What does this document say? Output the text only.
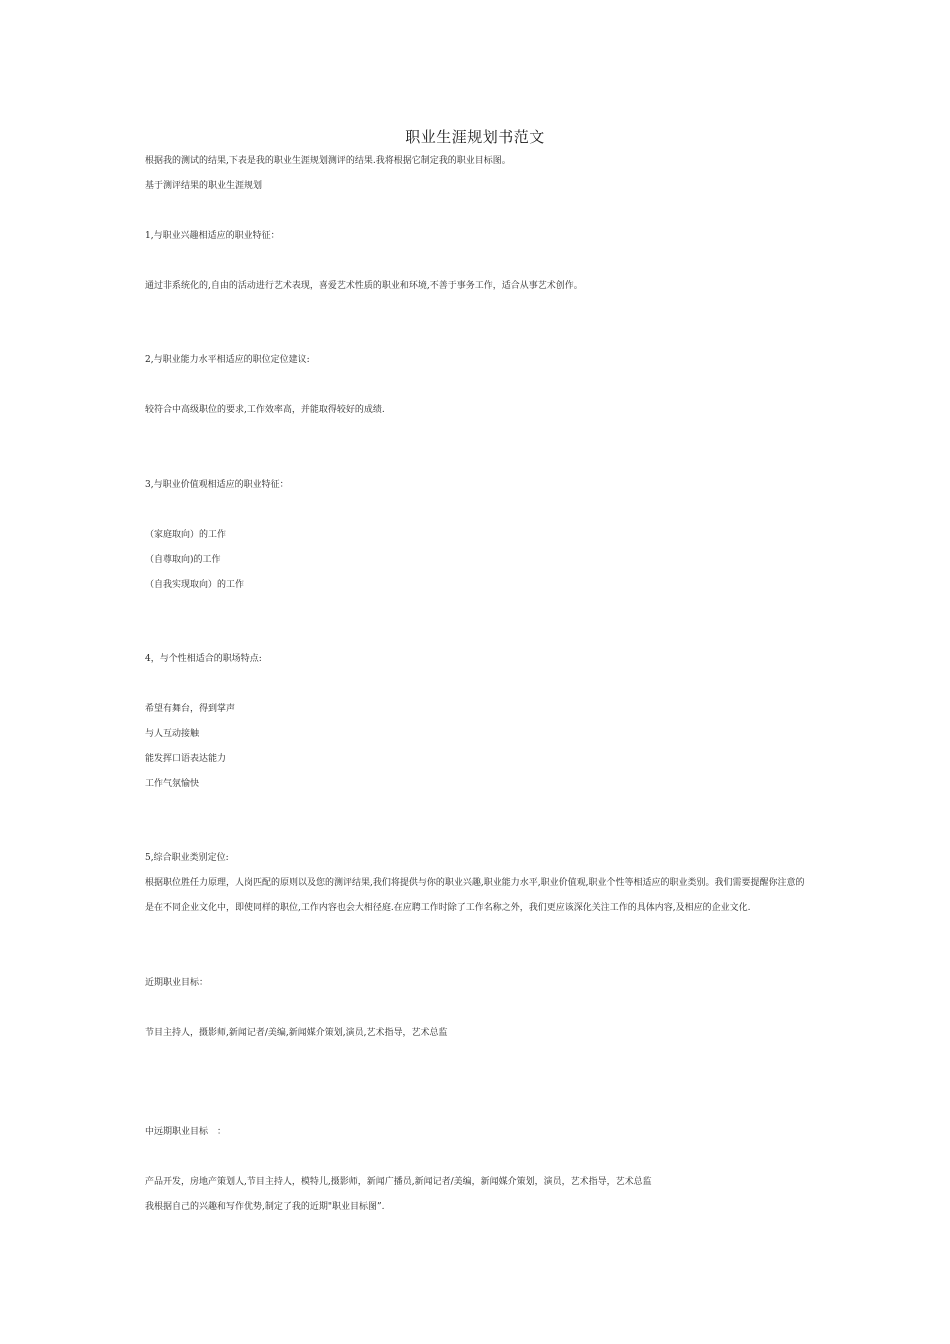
职业生涯规划书范文
根据我的测试的结果,下表是我的职业生涯规划测评的结果.我将根据它制定我的职业目标图。
基于测评结果的职业生涯规划
1,与职业兴趣相适应的职业特征：
通过非系统化的,自由的活动进行艺术表现，喜爱艺术性质的职业和环境,不善于事务工作，适合从事艺术创作。
2,与职业能力水平相适应的职位定位建议:
较符合中高级职位的要求,工作效率高，并能取得较好的成绩.
3,与职业价值观相适应的职业特征：
（家庭取向）的工作
（自尊取向)的工作
（自我实现取向）的工作
4，与个性相适合的职场特点:
希望有舞台，得到掌声
与人互动接触
能发挥口语表达能力
工作气氛愉快
5,综合职业类别定位:
根据职位胜任力原理，人岗匹配的原则以及您的测评结果,我们将提供与你的职业兴趣,职业能力水平,职业价值观,职业个性等相适应的职业类别。我们需要提醒你注意的是在不同企业文化中，即使同样的职位,工作内容也会大相径庭.在应聘工作时除了工作名称之外，我们更应该深化关注工作的具体内容,及相应的企业文化.
近期职业目标：
节目主持人，摄影师,新闻记者/美编,新闻媒介策划,演员,艺术指导，艺术总监
中远期职业目标　：
产品开发，房地产策划人,节目主持人，模特儿,摄影师，新闻广播员,新闻记者/美编，新闻媒介策划，演员，艺术指导，艺术总监
我根据自己的兴趣和写作优势,制定了我的近期"职业目标图”.
